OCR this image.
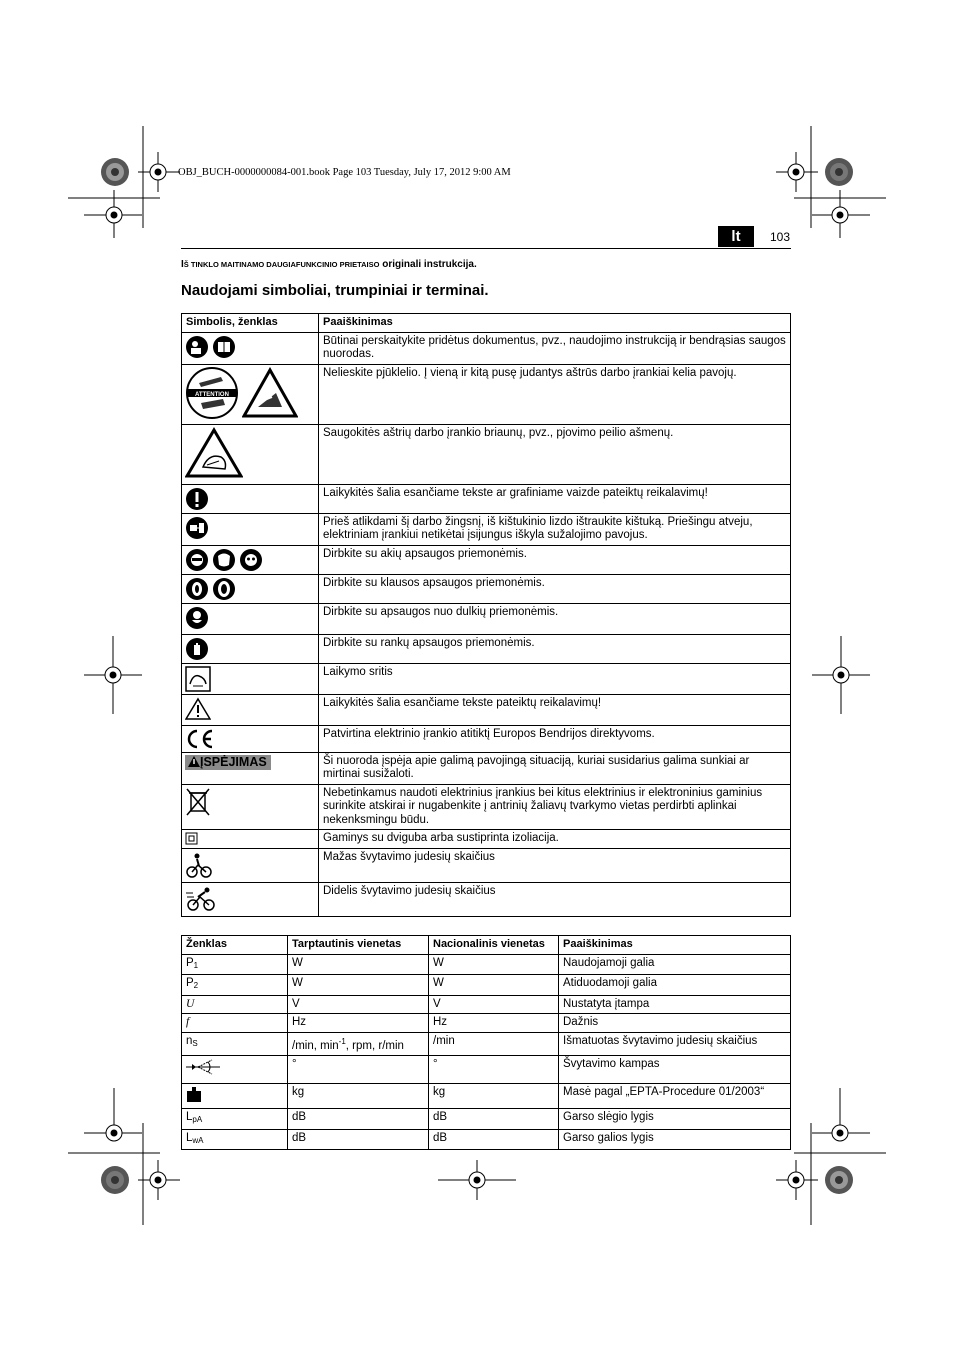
OBJ_BUCH-0000000084-001.book Page 103 Tuesday, July 17, 2012 9:00 AM
lt	103
IŠ TINKLO MAITINAMO DAUGIAFUNKCINIO PRIETAISO originali instrukcija.
Naudojami simboliai, trumpiniai ir terminai.
Simbolis, ženklas	Paaiškinimas
	Būtinai perskaitykite pridėtus dokumentus, pvz., naudojimo instrukciją ir bendrąsias saugos nuorodas.

ATTENTION	Nelieskite pjūklelio. Į vieną ir kitą pusę judantys aštrūs darbo įrankiai kelia pavojų.
	Saugokitės aštrių darbo įrankio briaunų, pvz., pjovimo peilio ašmenų.
	Laikykitės šalia esančiame tekste ar grafiniame vaizde pateiktų reikalavimų!
	Prieš atlikdami šį darbo žingsnį, iš kištukinio lizdo ištraukite kištuką. Priešingu atveju, elektriniam įrankiui netikėtai įsijungus iškyla sužalojimo pavojus.
	Dirbkite su akių apsaugos priemonėmis.
	Dirbkite su klausos apsaugos priemonėmis.
	Dirbkite su apsaugos nuo dulkių priemonėmis.
	Dirbkite su rankų apsaugos priemonėmis.
	Laikymo sritis
	Laikykitės šalia esančiame tekste pateiktų reikalavimų!
	Patvirtina elektrinio įrankio atitiktį Europos Bendrijos direktyvoms.
ĮSPĖJIMAS	Ši nuoroda įspėja apie galimą pavojingą situaciją, kuriai susidarius galima sunkiai ar mirtinai susižaloti.
	Nebetinkamus naudoti elektrinius įrankius bei kitus elektrinius ir elektroninius gaminius surinkite atskirai ir nugabenkite į antrinių žaliavų tvarkymo vietas perdirbti aplinkai nekenksmingu būdu.
	Gaminys su dviguba arba sustiprinta izoliacija.
	Mažas švytavimo judesių skaičius
	Didelis švytavimo judesių skaičius
Ženklas	Tarptautinis vienetas	Nacionalinis vienetas	Paaiškinimas
$P_1$	W	W	Naudojamoji galia
$P_2$	W	W	Atiduodamoji galia
U	V	V	Nustatyta įtampa
f	Hz	Hz	Dažnis
$n_S$	/min, $\min^{-1}$, rpm, r/min	/min	Išmatuotas švytavimo judesių skaičius
	°	°	Švytavimo kampas
	kg	kg	Masė pagal „EPTA-Procedure 01/2003“
$L_{pA}$	dB	dB	Garso slėgio lygis
$L_{wA}$	dB	dB	Garso galios lygis
